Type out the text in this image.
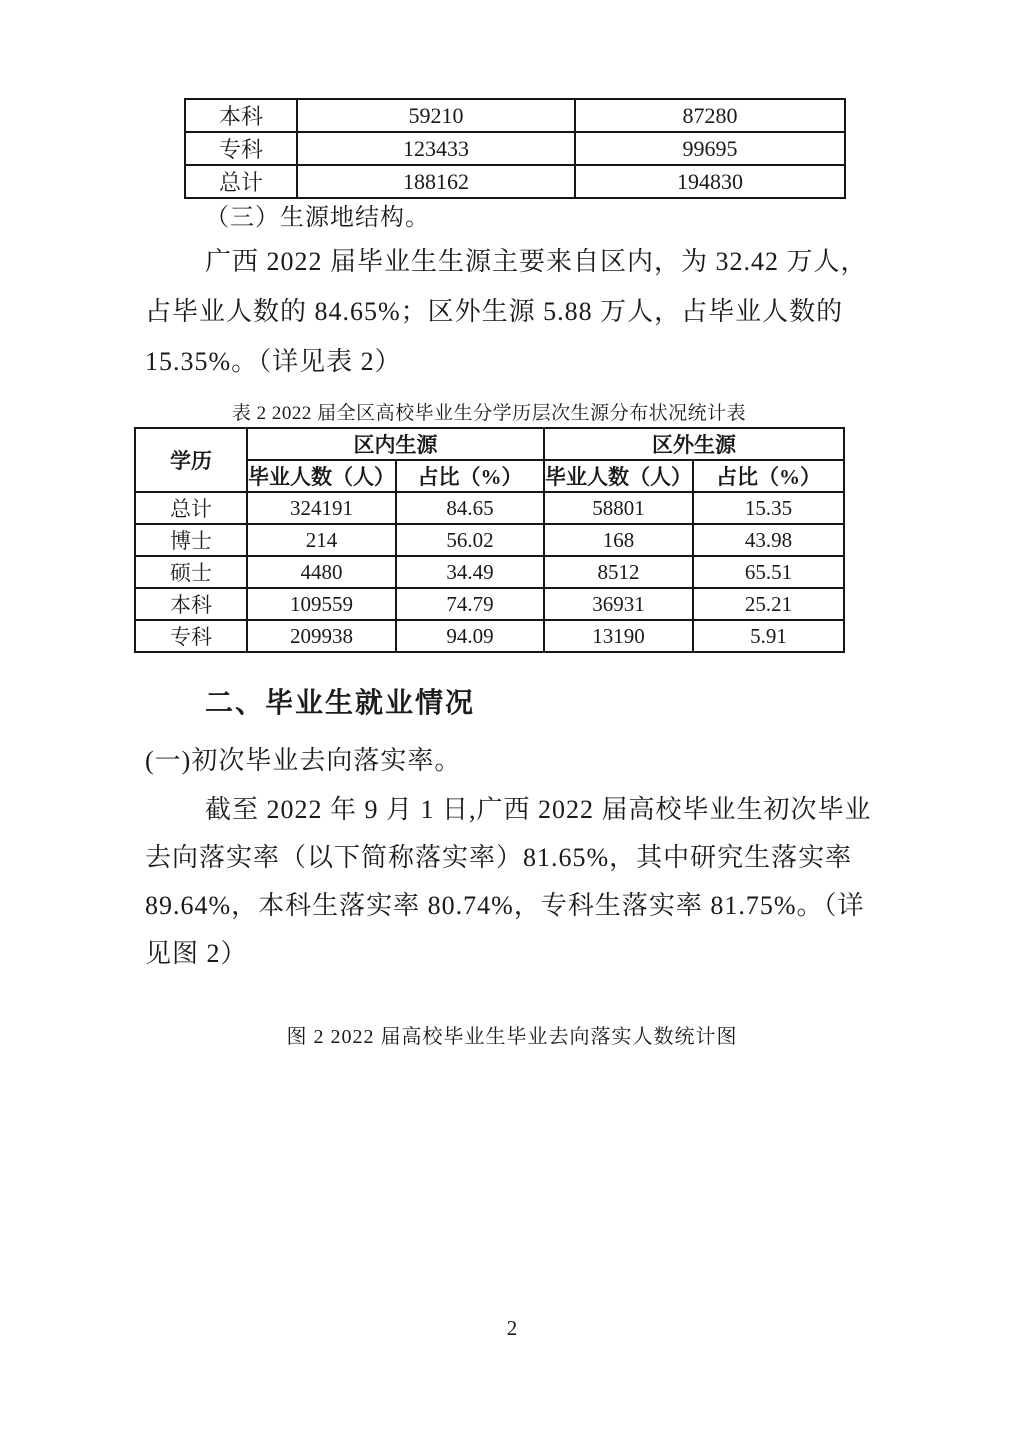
本科	59210	87280
专科	123433	99695
总计	188162	194830
（三）生源地结构。
广西 2022 届毕业生生源主要来自区内，为 32.42 万人，
占毕业人数的 84.65%；区外生源 5.88 万人，占毕业人数的
15.35%。（详见表 2）
表 2 2022 届全区高校毕业生分学历层次生源分布状况统计表
学历	区内生源		区外生源	
	毕业人数（人）	占比（%）	毕业人数（人）	占比（%）
总计	324191	84.65	58801	15.35
博士	214	56.02	168	43.98
硕士	4480	34.49	8512	65.51
本科	109559	74.79	36931	25.21
专科	209938	94.09	13190	5.91
二、毕业生就业情况
(一)初次毕业去向落实率。
截至 2022 年 9 月 1 日,广西 2022 届高校毕业生初次毕业
去向落实率（以下简称落实率）81.65%，其中研究生落实率
89.64%，本科生落实率 80.74%，专科生落实率 81.75%。（详
见图 2）
图 2 2022 届高校毕业生毕业去向落实人数统计图
2
